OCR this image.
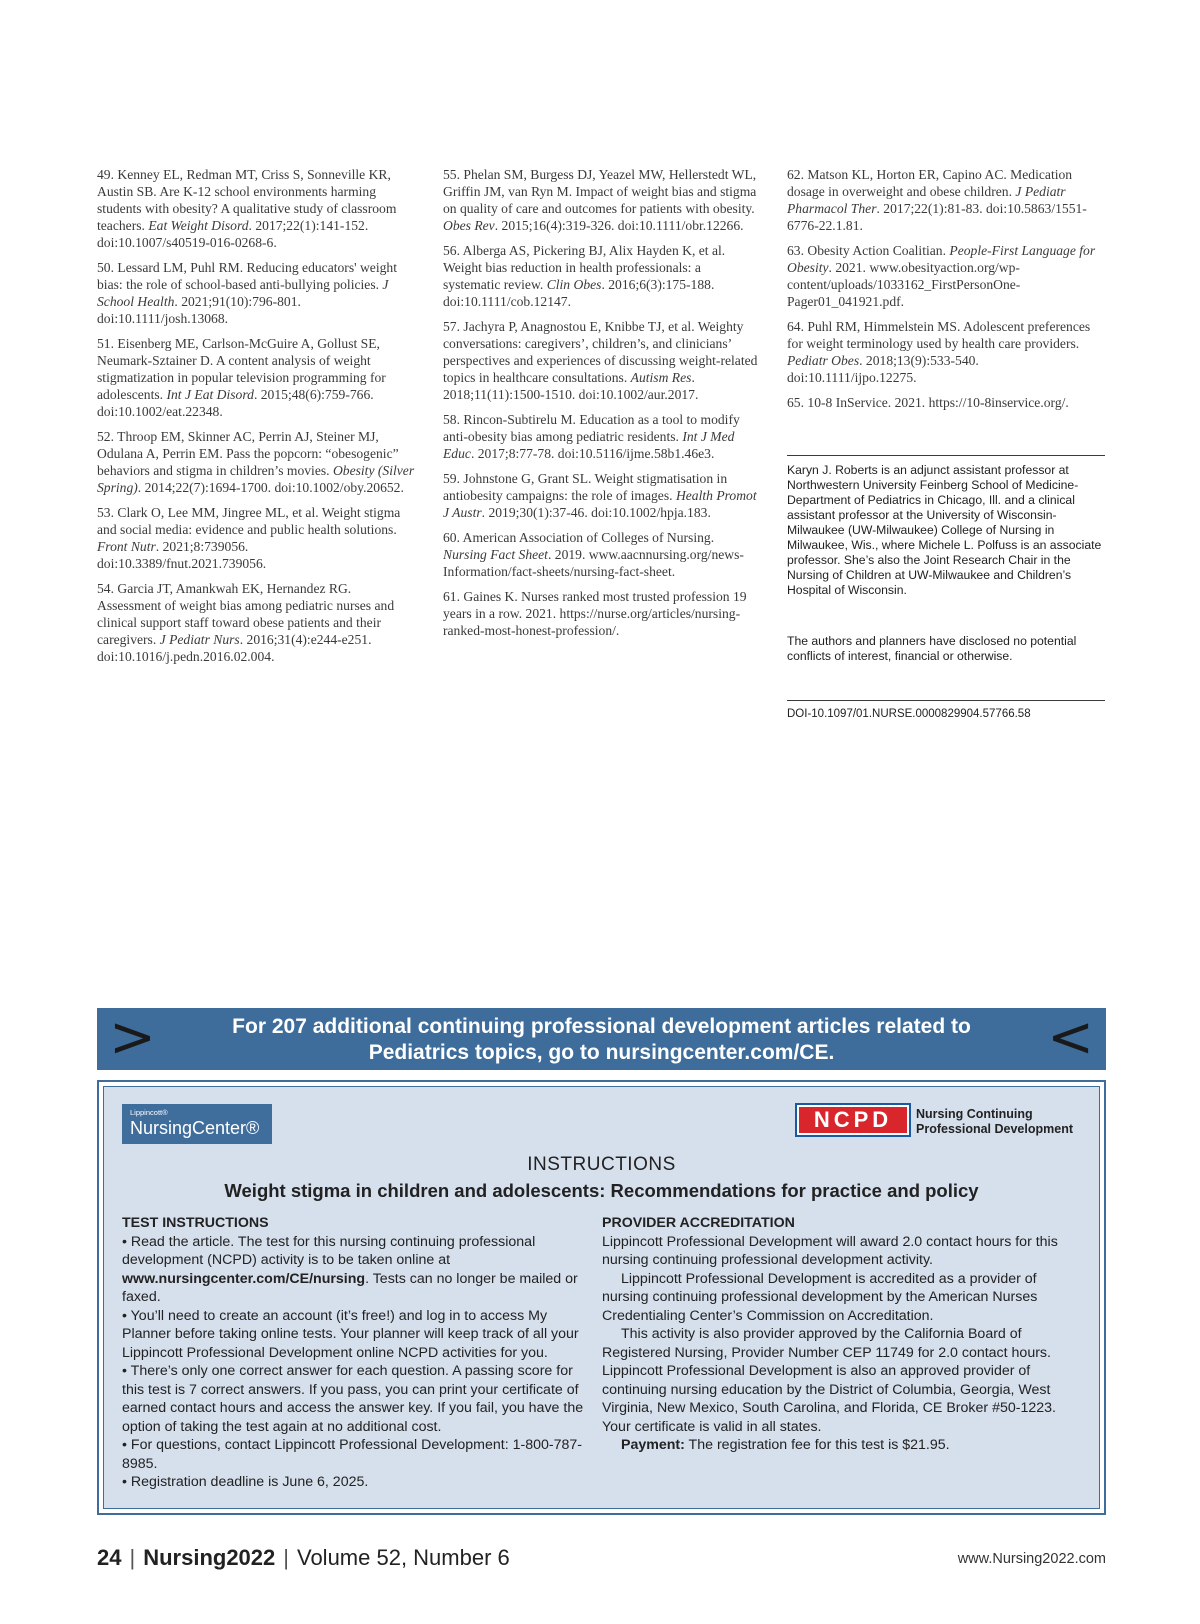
49. Kenney EL, Redman MT, Criss S, Sonneville KR, Austin SB. Are K-12 school environments harming students with obesity? A qualitative study of classroom teachers. Eat Weight Disord. 2017;22(1):141-152. doi:10.1007/s40519-016-0268-6.

50. Lessard LM, Puhl RM. Reducing educators' weight bias: the role of school-based anti-bullying policies. J School Health. 2021;91(10):796-801. doi:10.1111/josh.13068.

51. Eisenberg ME, Carlson-McGuire A, Gollust SE, Neumark-Sztainer D. A content analysis of weight stigmatization in popular television programming for adolescents. Int J Eat Disord. 2015;48(6):759-766. doi:10.1002/eat.22348.

52. Throop EM, Skinner AC, Perrin AJ, Steiner MJ, Odulana A, Perrin EM. Pass the popcorn: “obesogenic” behaviors and stigma in children’s movies. Obesity (Silver Spring). 2014;22(7):1694-1700. doi:10.1002/oby.20652.

53. Clark O, Lee MM, Jingree ML, et al. Weight stigma and social media: evidence and public health solutions. Front Nutr. 2021;8:739056. doi:10.3389/fnut.2021.739056.

54. Garcia JT, Amankwah EK, Hernandez RG. Assessment of weight bias among pediatric nurses and clinical support staff toward obese patients and their caregivers. J Pediatr Nurs. 2016;31(4):e244-e251. doi:10.1016/j.pedn.2016.02.004.

55. Phelan SM, Burgess DJ, Yeazel MW, Hellerstedt WL, Griffin JM, van Ryn M. Impact of weight bias and stigma on quality of care and outcomes for patients with obesity. Obes Rev. 2015;16(4):319-326. doi:10.1111/obr.12266.

56. Alberga AS, Pickering BJ, Alix Hayden K, et al. Weight bias reduction in health professionals: a systematic review. Clin Obes. 2016;6(3):175-188. doi:10.1111/cob.12147.

57. Jachyra P, Anagnostou E, Knibbe TJ, et al. Weighty conversations: caregivers’, children’s, and clinicians’ perspectives and experiences of discussing weight-related topics in healthcare consultations. Autism Res. 2018;11(11):1500-1510. doi:10.1002/aur.2017.

58. Rincon-Subtirelu M. Education as a tool to modify anti-obesity bias among pediatric residents. Int J Med Educ. 2017;8:77-78. doi:10.5116/ijme.58b1.46e3.

59. Johnstone G, Grant SL. Weight stigmatisation in antiobesity campaigns: the role of images. Health Promot J Austr. 2019;30(1):37-46. doi:10.1002/hpja.183.

60. American Association of Colleges of Nursing. Nursing Fact Sheet. 2019. www.aacnnursing.org/news-Information/fact-sheets/nursing-fact-sheet.

61. Gaines K. Nurses ranked most trusted profession 19 years in a row. 2021. https://nurse.org/articles/nursing-ranked-most-honest-profession/.

62. Matson KL, Horton ER, Capino AC. Medication dosage in overweight and obese children. J Pediatr Pharmacol Ther. 2017;22(1):81-83. doi:10.5863/1551-6776-22.1.81.

63. Obesity Action Coalitian. People-First Language for Obesity. 2021. www.obesityaction.org/wp-content/uploads/1033162_FirstPersonOne-Pager01_041921.pdf.

64. Puhl RM, Himmelstein MS. Adolescent preferences for weight terminology used by health care providers. Pediatr Obes. 2018;13(9):533-540. doi:10.1111/ijpo.12275.

65. 10-8 InService. 2021. https://10-8inservice.org/.

Karyn J. Roberts is an adjunct assistant professor at Northwestern University Feinberg School of Medicine-Department of Pediatrics in Chicago, Ill. and a clinical assistant professor at the University of Wisconsin-Milwaukee (UW-Milwaukee) College of Nursing in Milwaukee, Wis., where Michele L. Polfuss is an associate professor. She’s also the Joint Research Chair in the Nursing of Children at UW-Milwaukee and Children’s Hospital of Wisconsin.
The authors and planners have disclosed no potential conflicts of interest, financial or otherwise.
DOI-10.1097/01.NURSE.0000829904.57766.58
>	For 207 additional continuing professional development articles related to
Pediatrics topics, go to nursingcenter.com/CE.	<
Lippincott®
NursingCenter®	NCPD	Nursing Continuing
Professional Development
INSTRUCTIONS
Weight stigma in children and adolescents: Recommendations for practice and policy
TEST INSTRUCTIONS

• Read the article. The test for this nursing continuing professional development (NCPD) activity is to be taken online at www.nursingcenter.com/CE/nursing. Tests can no longer be mailed or faxed.

• You’ll need to create an account (it’s free!) and log in to access My Planner before taking online tests. Your planner will keep track of all your Lippincott Professional Development online NCPD activities for you.

• There’s only one correct answer for each question. A passing score for this test is 7 correct answers. If you pass, you can print your certificate of earned contact hours and access the answer key. If you fail, you have the option of taking the test again at no additional cost.

• For questions, contact Lippincott Professional Development: 1-800-787-8985.

• Registration deadline is June 6, 2025.

PROVIDER ACCREDITATION

Lippincott Professional Development will award 2.0 contact hours for this nursing continuing professional development activity.

Lippincott Professional Development is accredited as a provider of nursing continuing professional development by the American Nurses Credentialing Center’s Commission on Accreditation.

This activity is also provider approved by the California Board of Registered Nursing, Provider Number CEP 11749 for 2.0 contact hours. Lippincott Professional Development is also an approved provider of continuing nursing education by the District of Columbia, Georgia, West Virginia, New Mexico, South Carolina, and Florida, CE Broker #50-1223. Your certificate is valid in all states.

Payment: The registration fee for this test is $21.95.

24 | Nursing2022 | Volume 52, Number 6	www.Nursing2022.com
